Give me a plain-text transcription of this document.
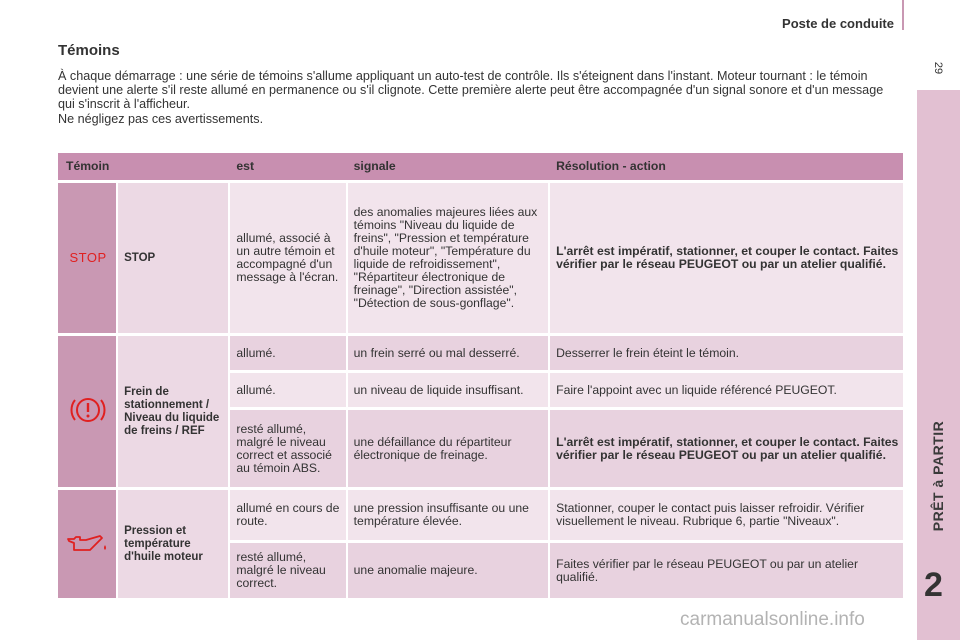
Poste de conduite
29
PRÊT à PARTIR
2
Témoins
À chaque démarrage : une série de témoins s'allume appliquant un auto-test de contrôle. Ils s'éteignent dans l'instant. Moteur tournant : le témoin devient une alerte s'il reste allumé en permanence ou s'il clignote. Cette première alerte peut être accompagnée d'un signal sonore et d'un message qui s'inscrit à l'afficheur.
Ne négligez pas ces avertissements.
Témoin		est	signale	Résolution - action
STOP	STOP	allumé, associé à un autre témoin et accompagné d'un message à l'écran.	des anomalies majeures liées aux témoins "Niveau du liquide de freins", "Pression et température d'huile moteur", "Température du liquide de refroidissement", "Répartiteur électronique de freinage", "Direction assistée", "Détection de sous-gonflage".	L'arrêt est impératif, stationner, et couper le contact. Faites vérifier par le réseau PEUGEOT ou par un atelier qualifié.
	Frein de stationnement / Niveau du liquide de freins / REF	allumé.	un frein serré ou mal desserré.	Desserrer le frein éteint le témoin.
		allumé.	un niveau de liquide insuffisant.	Faire l'appoint avec un liquide référencé PEUGEOT.
		resté allumé, malgré le niveau correct et associé au témoin ABS.	une défaillance du répartiteur électronique de freinage.	L'arrêt est impératif, stationner, et couper le contact. Faites vérifier par le réseau PEUGEOT ou par un atelier qualifié.
	Pression et température d'huile moteur	allumé en cours de route.	une pression insuffisante ou une température élevée.	Stationner, couper le contact puis laisser refroidir. Vérifier visuellement le niveau. Rubrique 6, partie "Niveaux".
		resté allumé, malgré le niveau correct.	une anomalie majeure.	Faites vérifier par le réseau PEUGEOT ou par un atelier qualifié.
carmanualsonline.info
